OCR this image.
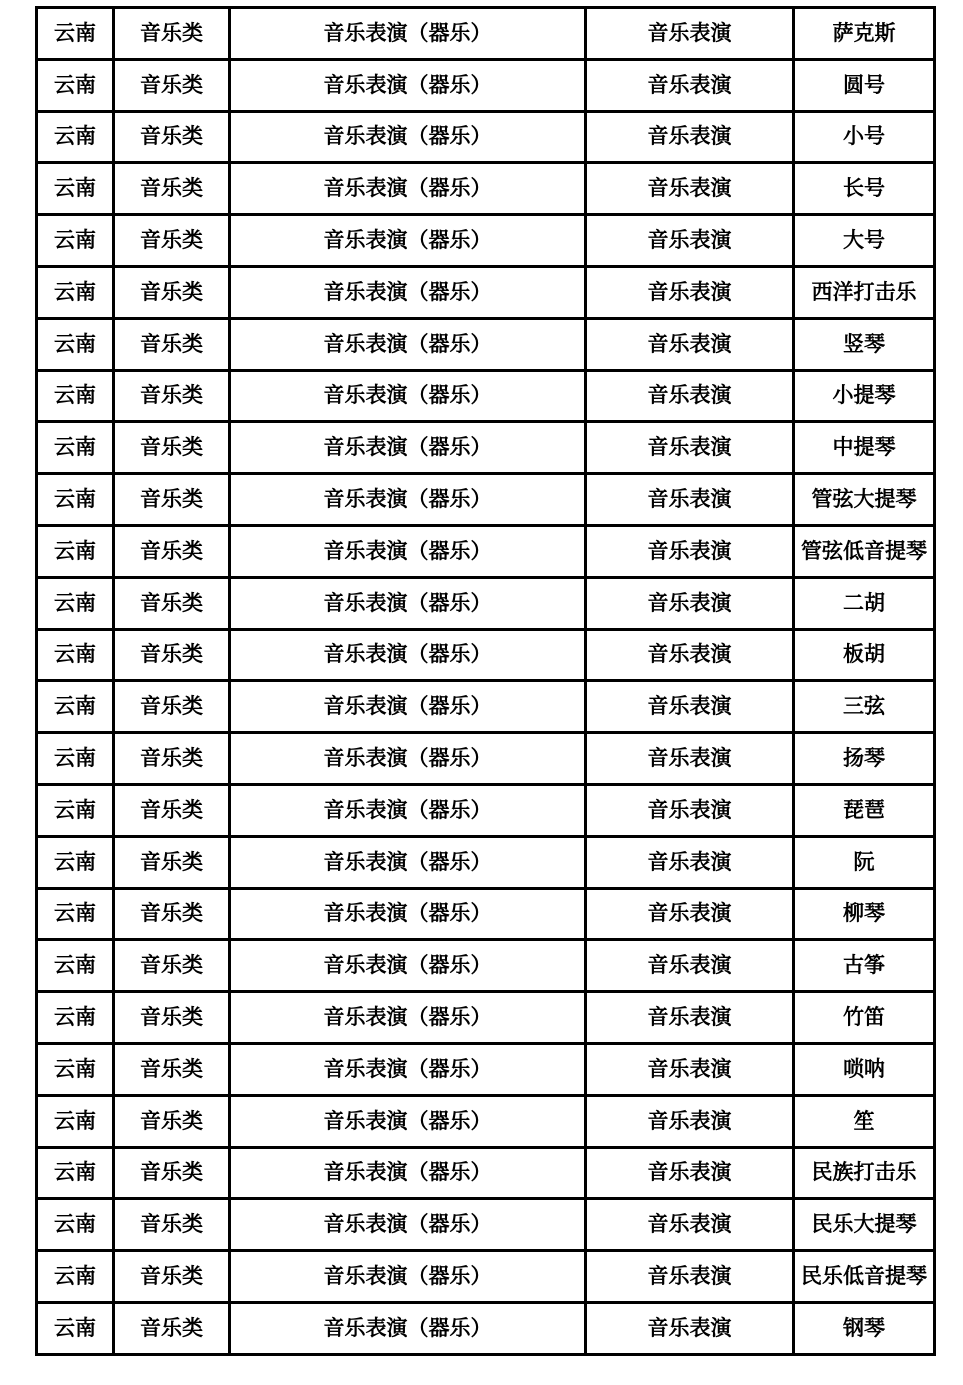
云南	音乐类	音乐表演（器乐）	音乐表演	萨克斯
云南	音乐类	音乐表演（器乐）	音乐表演	圆号
云南	音乐类	音乐表演（器乐）	音乐表演	小号
云南	音乐类	音乐表演（器乐）	音乐表演	长号
云南	音乐类	音乐表演（器乐）	音乐表演	大号
云南	音乐类	音乐表演（器乐）	音乐表演	西洋打击乐
云南	音乐类	音乐表演（器乐）	音乐表演	竖琴
云南	音乐类	音乐表演（器乐）	音乐表演	小提琴
云南	音乐类	音乐表演（器乐）	音乐表演	中提琴
云南	音乐类	音乐表演（器乐）	音乐表演	管弦大提琴
云南	音乐类	音乐表演（器乐）	音乐表演	管弦低音提琴
云南	音乐类	音乐表演（器乐）	音乐表演	二胡
云南	音乐类	音乐表演（器乐）	音乐表演	板胡
云南	音乐类	音乐表演（器乐）	音乐表演	三弦
云南	音乐类	音乐表演（器乐）	音乐表演	扬琴
云南	音乐类	音乐表演（器乐）	音乐表演	琵琶
云南	音乐类	音乐表演（器乐）	音乐表演	阮
云南	音乐类	音乐表演（器乐）	音乐表演	柳琴
云南	音乐类	音乐表演（器乐）	音乐表演	古筝
云南	音乐类	音乐表演（器乐）	音乐表演	竹笛
云南	音乐类	音乐表演（器乐）	音乐表演	唢呐
云南	音乐类	音乐表演（器乐）	音乐表演	笙
云南	音乐类	音乐表演（器乐）	音乐表演	民族打击乐
云南	音乐类	音乐表演（器乐）	音乐表演	民乐大提琴
云南	音乐类	音乐表演（器乐）	音乐表演	民乐低音提琴
云南	音乐类	音乐表演（器乐）	音乐表演	钢琴
